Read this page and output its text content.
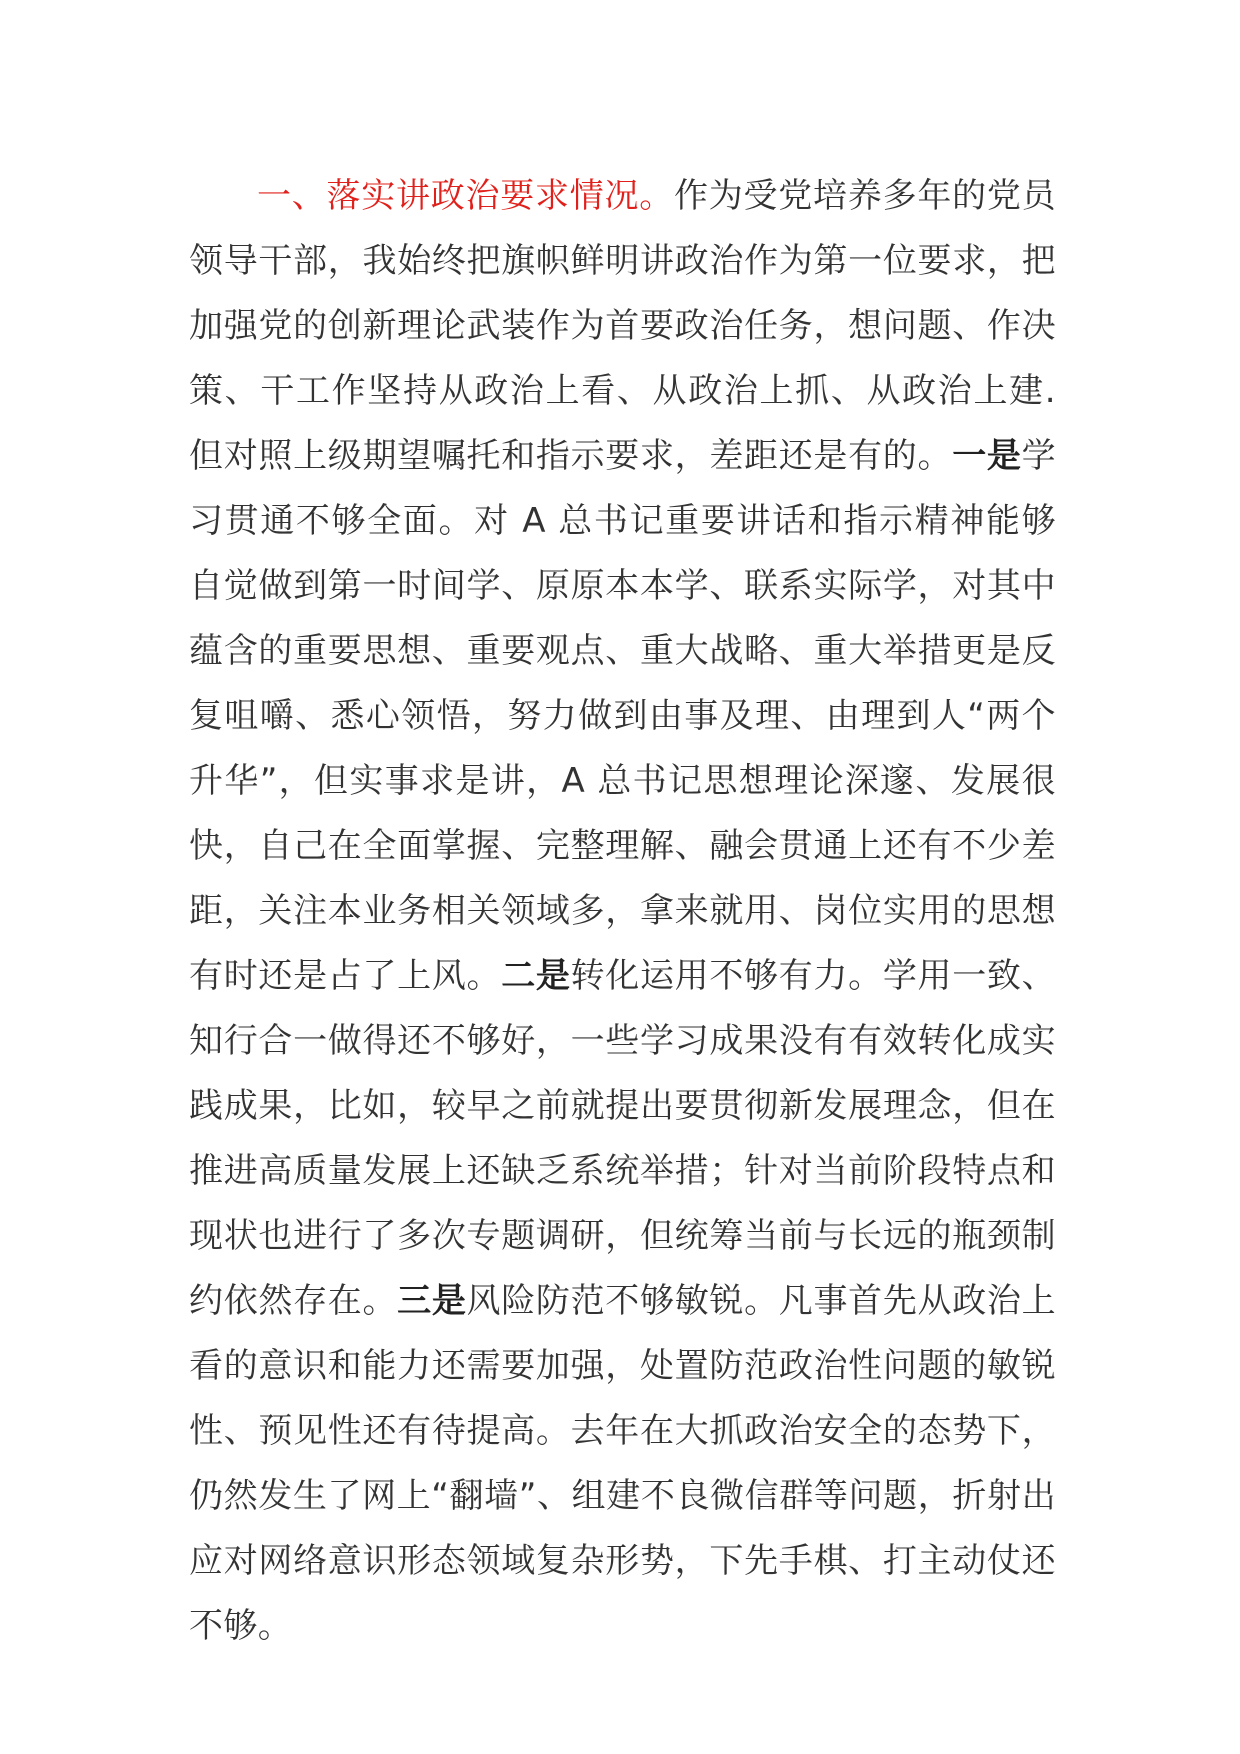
一、落实讲政治要求情况。作为受党培养多年的党员领导干部，我始终把旗帜鲜明讲政治作为第一位要求，把加强党的创新理论武装作为首要政治任务，想问题、作决策、干工作坚持从政治上看、从政治上抓、从政治上建.但对照上级期望嘱托和指示要求，差距还是有的。一是学习贯通不够全面。对 A 总书记重要讲话和指示精神能够自觉做到第一时间学、原原本本学、联系实际学，对其中蕴含的重要思想、重要观点、重大战略、重大举措更是反复咀嚼、悉心领悟，努力做到由事及理、由理到人“两个升华”，但实事求是讲，A 总书记思想理论深邃、发展很快，自己在全面掌握、完整理解、融会贯通上还有不少差距，关注本业务相关领域多，拿来就用、岗位实用的思想有时还是占了上风。二是转化运用不够有力。学用一致、知行合一做得还不够好，一些学习成果没有有效转化成实践成果，比如，较早之前就提出要贯彻新发展理念，但在推进高质量发展上还缺乏系统举措；针对当前阶段特点和现状也进行了多次专题调研，但统筹当前与长远的瓶颈制约依然存在。三是风险防范不够敏锐。凡事首先从政治上看的意识和能力还需要加强，处置防范政治性问题的敏锐性、预见性还有待提高。去年在大抓政治安全的态势下，仍然发生了网上“翻墙”、组建不良微信群等问题，折射出应对网络意识形态领域复杂形势，下先手棋、打主动仗还不够。
